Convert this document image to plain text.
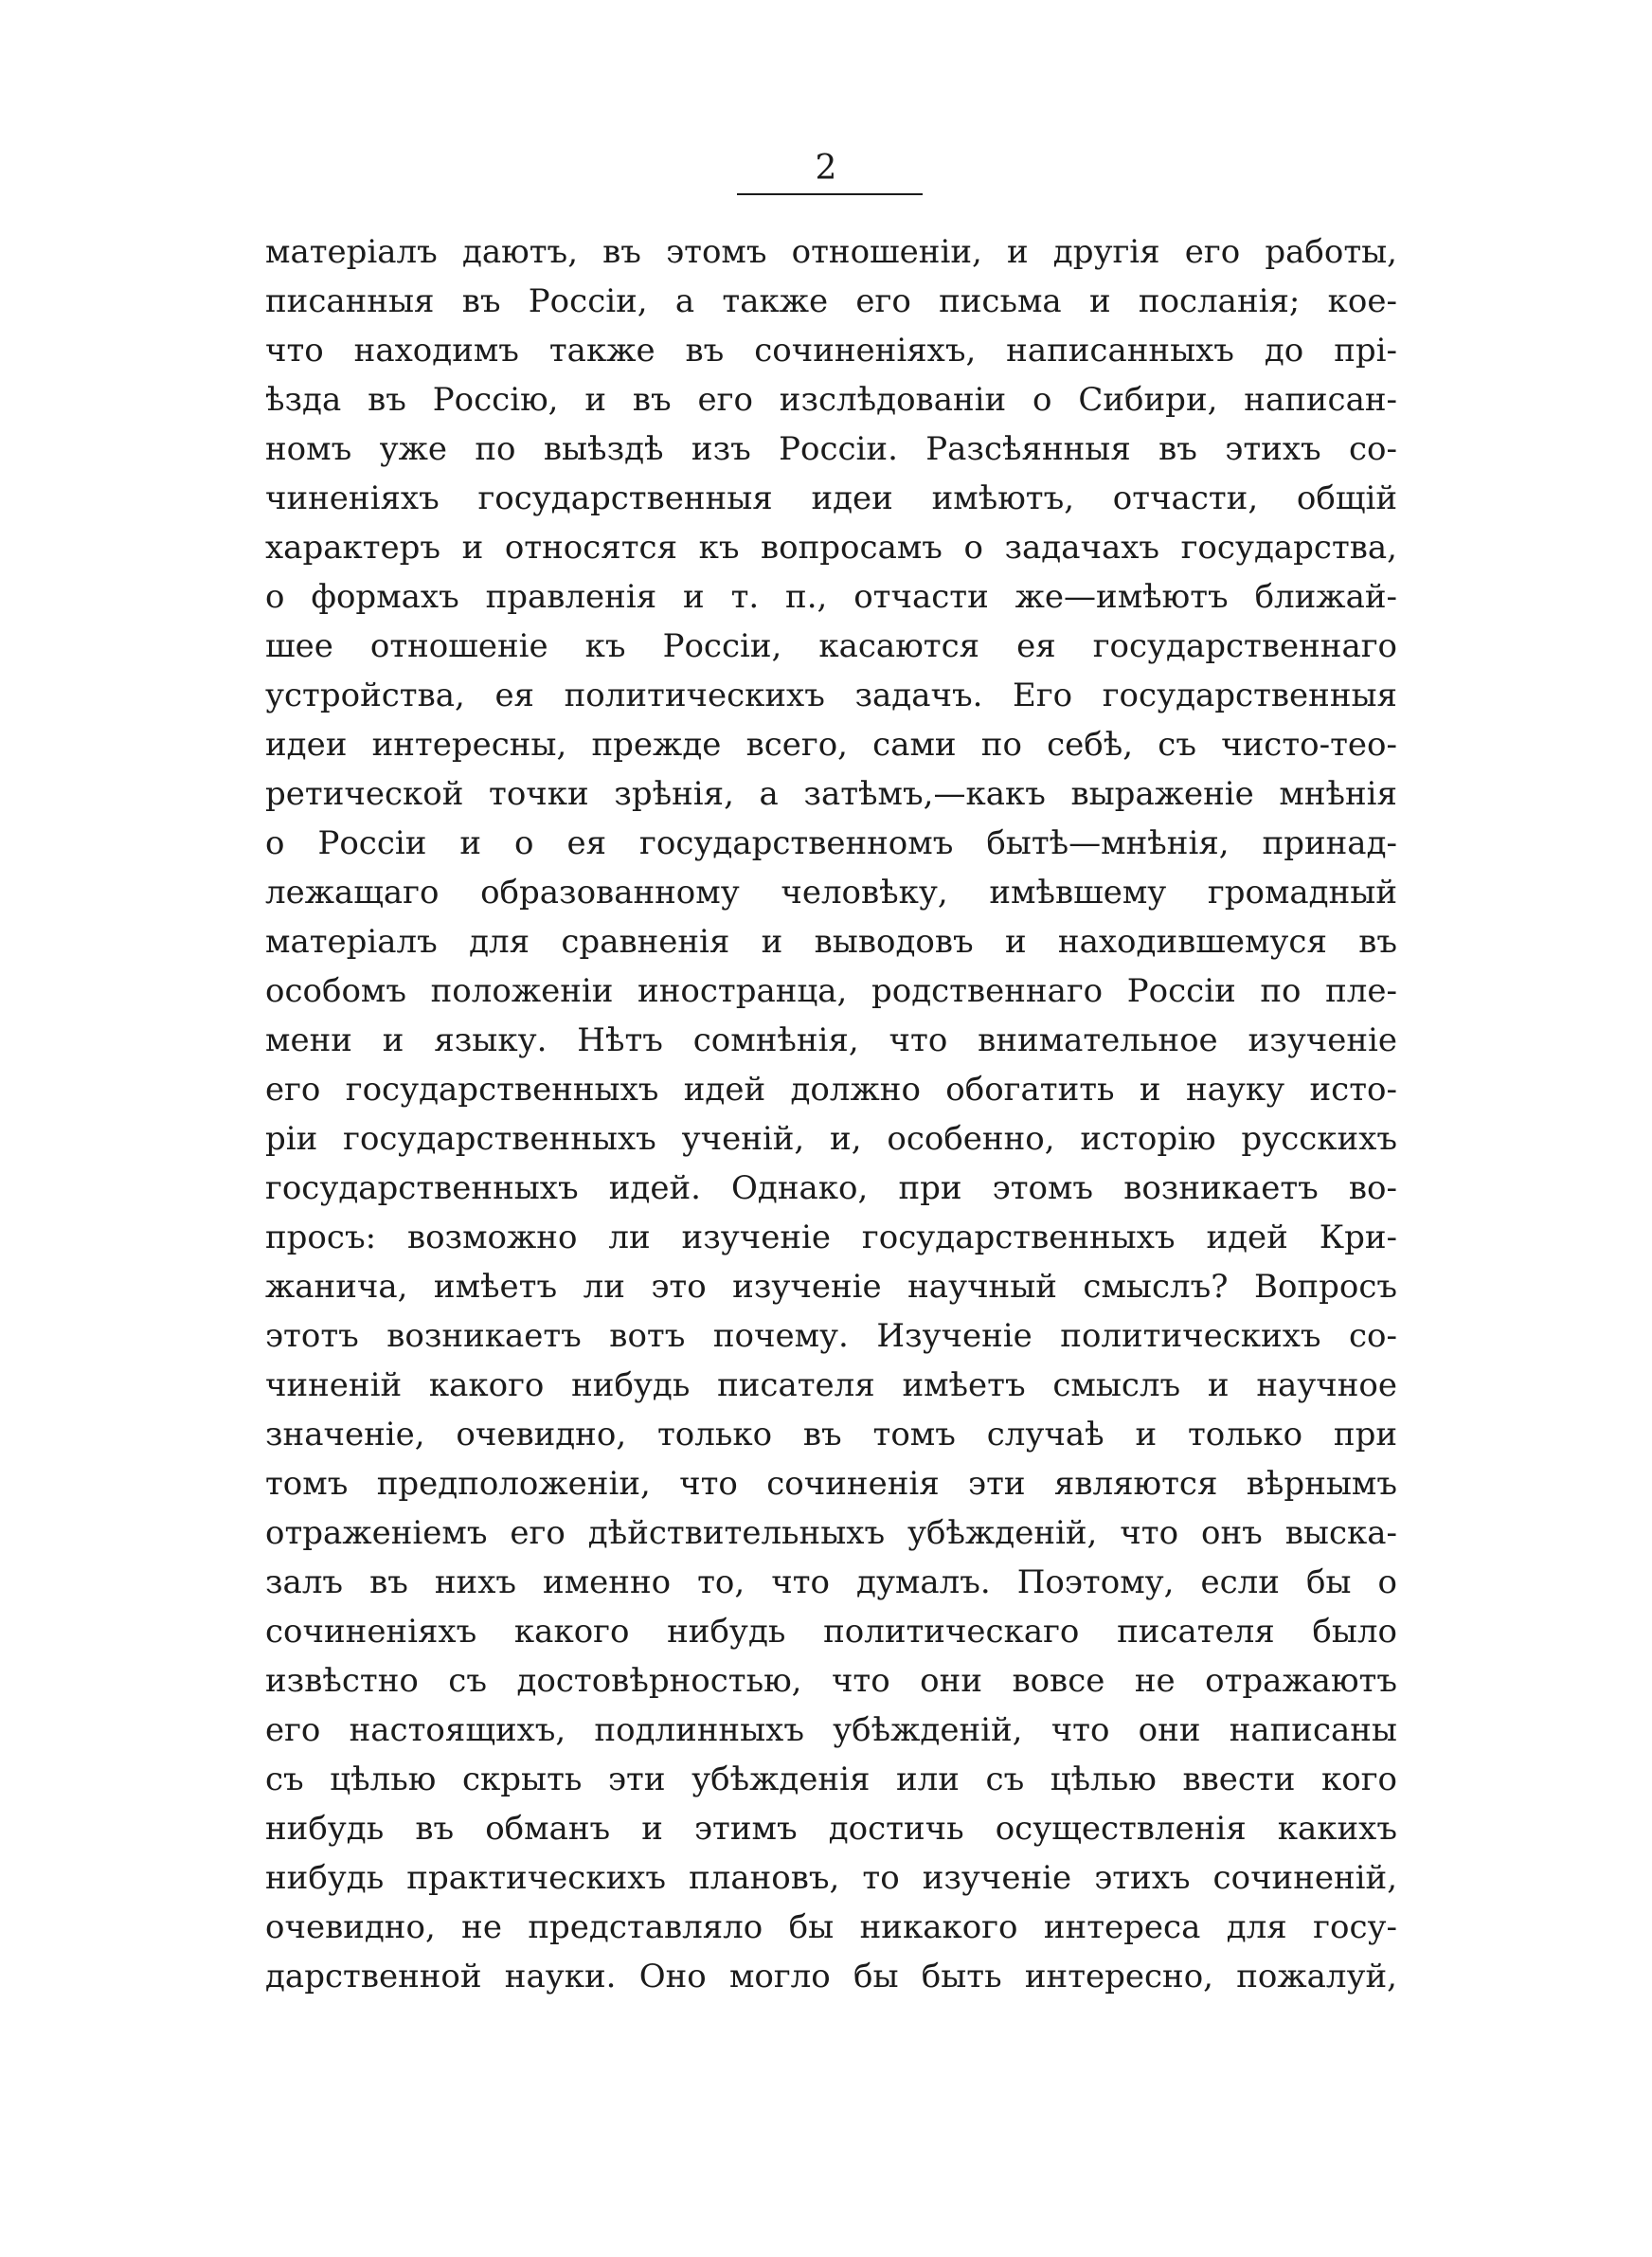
2
матеріалъ даютъ, въ этомъ отношеніи, и другія его работы,
писанныя въ Россіи, а также его письма и посланія; кое-
что находимъ также въ сочиненіяхъ, написанныхъ до прі-
ѣзда въ Россію, и въ его изслѣдованіи о Сибири, написан-
номъ уже по выѣздѣ изъ Россіи. Разсѣянныя въ этихъ со-
чиненіяхъ государственныя идеи имѣютъ, отчасти, общій
характеръ и относятся къ вопросамъ о задачахъ государства,
о формахъ правленія и т. п., отчасти же—имѣютъ ближай-
шее отношеніе къ Россіи, касаются ея государственнаго
устройства, ея политическихъ задачъ. Его государственныя
идеи интересны, прежде всего, сами по себѣ, съ чисто-тео-
ретической точки зрѣнія, а затѣмъ,—какъ выраженіе мнѣнія
о Россіи и о ея государственномъ бытѣ—мнѣнія, принад-
лежащаго образованному человѣку, имѣвшему громадный
матеріалъ для сравненія и выводовъ и находившемуся въ
особомъ положеніи иностранца, родственнаго Россіи по пле-
мени и языку. Нѣтъ сомнѣнія, что внимательное изученіе
его государственныхъ идей должно обогатить и науку исто-
ріи государственныхъ ученій, и, особенно, исторію русскихъ
государственныхъ идей. Однако, при этомъ возникаетъ во-
просъ: возможно ли изученіе государственныхъ идей Кри-
жанича, имѣетъ ли это изученіе научный смыслъ? Вопросъ
этотъ возникаетъ вотъ почему. Изученіе политическихъ со-
чиненій какого нибудь писателя имѣетъ смыслъ и научное
значеніе, очевидно, только въ томъ случаѣ и только при
томъ предположеніи, что сочиненія эти являются вѣрнымъ
отраженіемъ его дѣйствительныхъ убѣжденій, что онъ выска-
залъ въ нихъ именно то, что думалъ. Поэтому, если бы о
сочиненіяхъ какого нибудь политическаго писателя было
извѣстно съ достовѣрностью, что они вовсе не отражаютъ
его настоящихъ, подлинныхъ убѣжденій, что они написаны
съ цѣлью скрыть эти убѣжденія или съ цѣлью ввести кого
нибудь въ обманъ и этимъ достичь осуществленія какихъ
нибудь практическихъ плановъ, то изученіе этихъ сочиненій,
очевидно, не представляло бы никакого интереса для госу-
дарственной науки. Оно могло бы быть интересно, пожалуй,
